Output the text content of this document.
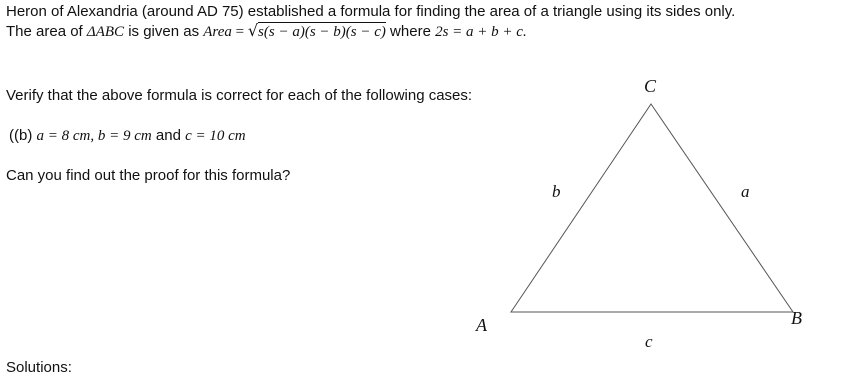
Heron of Alexandria (around AD 75) established a formula for finding the area of a triangle using its sides only.
The area of ΔABC is given as Area = √s(s − a)(s − b)(s − c) where 2s = a + b + c.
Verify that the above formula is correct for each of the following cases:
((b) a = 8 cm, b = 9 cm and c = 10 cm
Can you find out the proof for this formula?
Solutions:
C
A	B
b	a
c
